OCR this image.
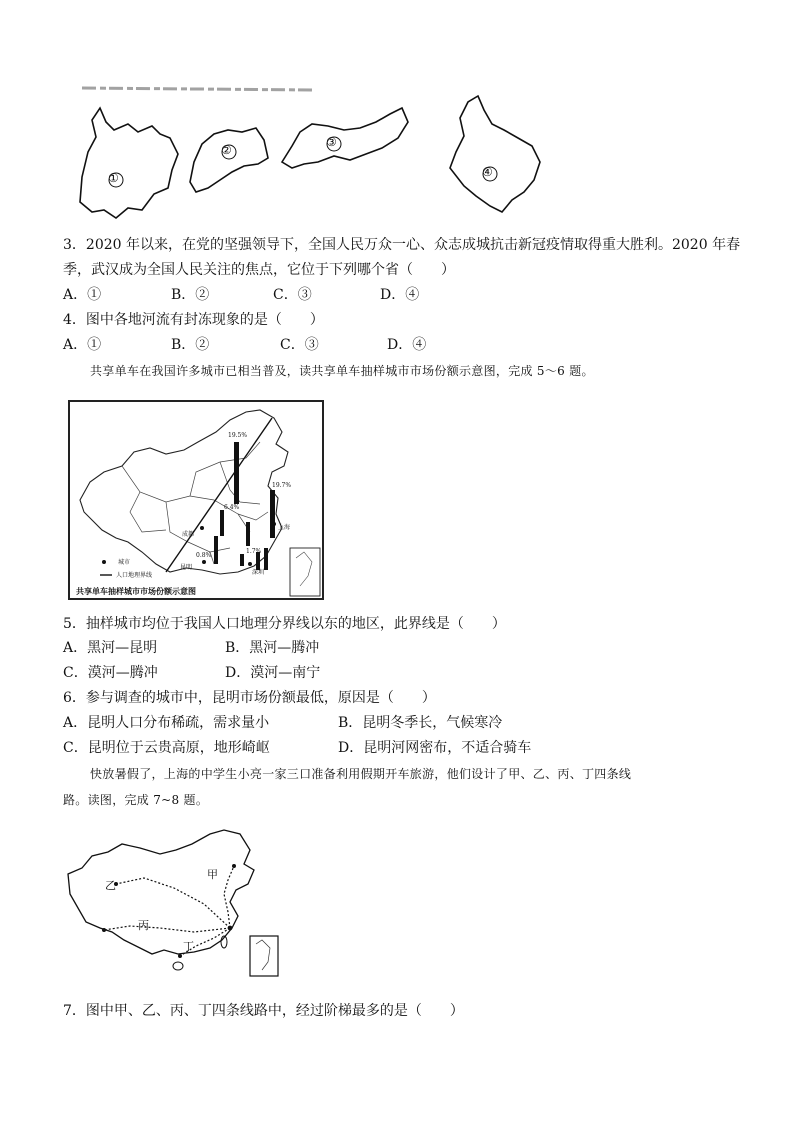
①
②
③
④
3．2020 年以来，在党的坚强领导下，全国人民万众一心、众志成城抗击新冠疫情取得重大胜利。2020 年春
季，武汉成为全国人民关注的焦点，它位于下列哪个省（　　）
A．①	B．②	C．③	D．④
4．图中各地河流有封冻现象的是（　　）
A．①	B．②	C．③	D．④
共享单车在我国许多城市已相当普及，读共享单车抽样城市市场份额示意图，完成 5～6 题。
城市
人口地理界线
昆明
成都
上海
深圳
19.5%
19.7%
6.4%
0.8%
1.7%
共享单车抽样城市市场份额示意图
5．抽样城市均位于我国人口地理分界线以东的地区，此界线是（　　）
A．黑河—昆明	B．黑河—腾冲
C．漠河—腾冲	D．漠河—南宁
6．参与调查的城市中，昆明市场份额最低，原因是（　　）
A．昆明人口分布稀疏，需求量小	B．昆明冬季长，气候寒冷
C．昆明位于云贵高原，地形崎岖	D．昆明河网密布，不适合骑车
快放暑假了，上海的中学生小亮一家三口准备利用假期开车旅游，他们设计了甲、乙、丙、丁四条线
路。读图，完成 7~8 题。
甲
乙
丙
丁
7．图中甲、乙、丙、丁四条线路中，经过阶梯最多的是（　　）
